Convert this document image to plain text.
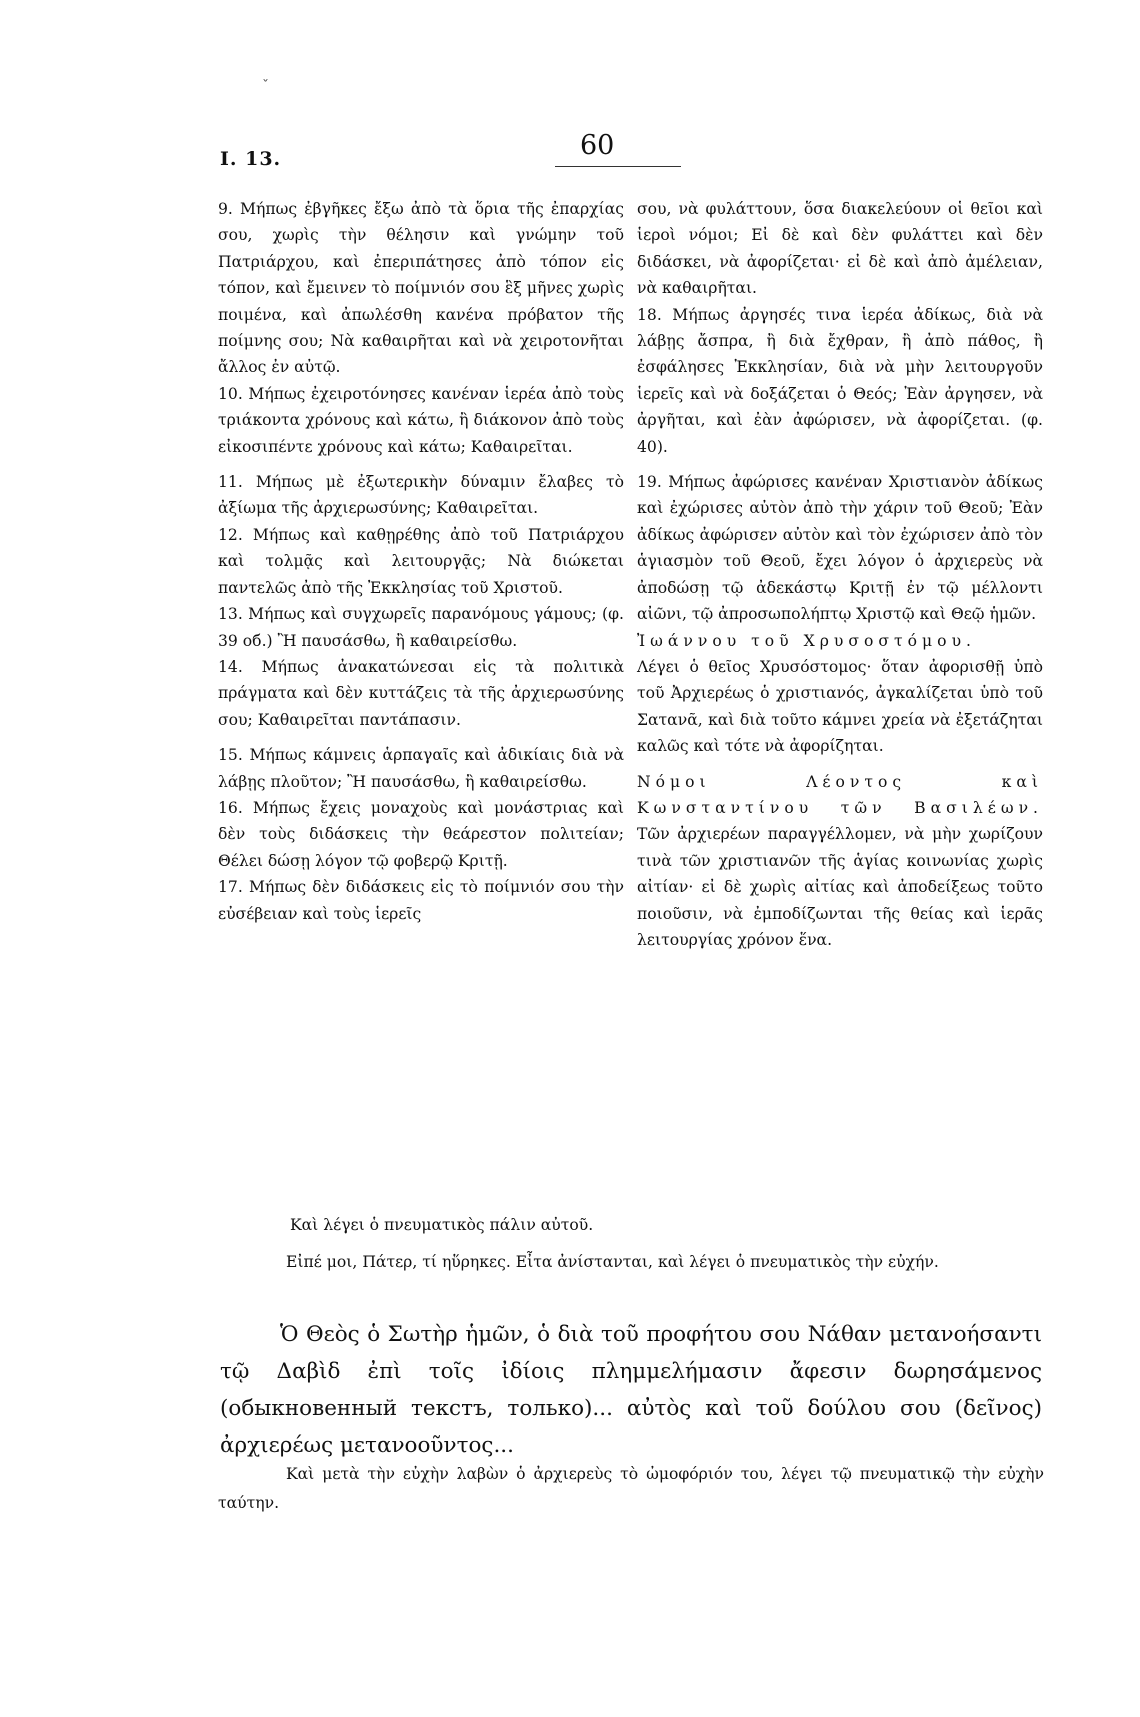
ˇ
I. 13.	60

9. Μήπως ἐβγῆκες ἔξω ἀπὸ τὰ ὅρια τῆς ἐπαρχίας σου, χωρὶς τὴν θέλησιν καὶ γνώμην τοῦ Πατριάρχου, καὶ ἐπεριπάτησες ἀπὸ τόπον εἰς τόπον, καὶ ἔμεινεν τὸ ποίμνιόν σου ἓξ μῆνες χωρὶς ποιμένα, καὶ ἀπωλέσθη κανένα πρόβατον τῆς ποίμνης σου; Νὰ καθαιρῆται καὶ νὰ χειροτονῆται ἄλλος ἐν αὐτῷ.

10. Μήπως ἐχειροτόνησες κανέναν ἱερέα ἀπὸ τοὺς τριάκοντα χρόνους καὶ κάτω, ἢ διάκονον ἀπὸ τοὺς εἰκοσιπέντε χρόνους καὶ κάτω; Καθαιρεῖται.

11. Μήπως μὲ ἐξωτερικὴν δύναμιν ἔλαβες τὸ ἀξίωμα τῆς ἀρχιερωσύνης; Καθαιρεῖται.

12. Μήπως καὶ καθῃρέθης ἀπὸ τοῦ Πατριάρχου καὶ τολμᾷς καὶ λειτουργᾷς; Νὰ διώκεται παντελῶς ἀπὸ τῆς Ἐκκλησίας τοῦ Χριστοῦ.

13. Μήπως καὶ συγχωρεῖς παρανόμους γάμους; (φ. 39 οб.) Ἢ παυσάσθω, ἢ καθαιρείσθω.

14. Μήπως ἀνακατώνεσαι εἰς τὰ πολιτικὰ πράγματα καὶ δὲν κυττάζεις τὰ τῆς ἀρχιερωσύνης σου; Καθαιρεῖται παντάπασιν.

15. Μήπως κάμνεις ἁρπαγαῖς καὶ ἀδικίαις διὰ νὰ λάβῃς πλοῦτον; Ἢ παυσάσθω, ἢ καθαιρείσθω.

16. Μήπως ἔχεις μοναχοὺς καὶ μονάστριας καὶ δὲν τοὺς διδάσκεις τὴν θεάρεστον πολιτείαν; Θέλει δώσῃ λόγον τῷ φοβερῷ Κριτῇ.

17. Μήπως δὲν διδάσκεις εἰς τὸ ποίμνιόν σου τὴν εὐσέβειαν καὶ τοὺς ἱερεῖς

σου, νὰ φυλάττουν, ὅσα διακελεύουν οἱ θεῖοι καὶ ἱεροὶ νόμοι; Εἰ δὲ καὶ δὲν φυλάττει καὶ δὲν διδάσκει, νὰ ἀφορίζεται· εἰ δὲ καὶ ἀπὸ ἀμέλειαν, νὰ καθαιρῆται.

18. Μήπως ἀργησές τινα ἱερέα ἀδίκως, διὰ νὰ λάβῃς ἄσπρα, ἢ διὰ ἔχθραν, ἢ ἀπὸ πάθος, ἢ ἐσφάλησες Ἐκκλησίαν, διὰ νὰ μὴν λειτουργοῦν ἱερεῖς καὶ νὰ δοξάζεται ὁ Θεός; Ἐὰν ἀργησεν, νὰ ἀργῆται, καὶ ἐὰν ἀφώρισεν, νὰ ἀφορίζεται. (φ. 40).

19. Μήπως ἀφώρισες κανέναν Χριστιανὸν ἀδίκως καὶ ἐχώρισες αὐτὸν ἀπὸ τὴν χάριν τοῦ Θεοῦ; Ἐὰν ἀδίκως ἀφώρισεν αὐτὸν καὶ τὸν ἐχώρισεν ἀπὸ τὸν ἁγιασμὸν τοῦ Θεοῦ, ἔχει λόγον ὁ ἀρχιερεὺς νὰ ἀποδώσῃ τῷ ἀδεκάστῳ Κριτῇ ἐν τῷ μέλλοντι αἰῶνι, τῷ ἀπροσωπολήπτῳ Χριστῷ καὶ Θεῷ ἡμῶν.

Ἰωάννου τοῦ Χρυσοστόμου.

Λέγει ὁ θεῖος Χρυσόστομος· ὅταν ἀφορισθῇ ὑπὸ τοῦ Ἀρχιερέως ὁ χριστιανός, ἀγκαλίζεται ὑπὸ τοῦ Σατανᾶ, καὶ διὰ τοῦτο κάμνει χρεία νὰ ἐξετάζηται καλῶς καὶ τότε νὰ ἀφορίζηται.

Νόμοι Λέοντος καὶ Κωνσταντίνου τῶν Βασιλέων. Τῶν ἀρχιερέων παραγγέλλομεν, νὰ μὴν χωρίζουν τινὰ τῶν χριστιανῶν τῆς ἁγίας κοινωνίας χωρὶς αἰτίαν· εἰ δὲ χωρὶς αἰτίας καὶ ἀποδείξεως τοῦτο ποιοῦσιν, νὰ ἐμποδίζωνται τῆς θείας καὶ ἱερᾶς λειτουργίας χρόνον ἕνα.

Καὶ λέγει ὁ πνευματικὸς πάλιν αὐτοῦ.

Εἰπέ μοι, Πάτερ, τί ηὕρηκες. Εἶτα ἀνίστανται, καὶ λέγει ὁ πνευματικὸς τὴν εὐχήν.

Ὁ Θεὸς ὁ Σωτὴρ ἡμῶν, ὁ διὰ τοῦ προφήτου σου Νάθαν μετανοήσαντι τῷ Δαβὶδ ἐπὶ τοῖς ἰδίοις πλημμελήμασιν ἄφεσιν δωρησάμενος (обыкновенный текстъ, только)... αὐτὸς καὶ τοῦ δούλου σου (δεῖνος) ἀρχιερέως μετανοοῦντος...

Καὶ μετὰ τὴν εὐχὴν λαβὼν ὁ ἀρχιερεὺς τὸ ὠμοφόριόν του, λέγει τῷ πνευματικῷ τὴν εὐχὴν ταύτην.
